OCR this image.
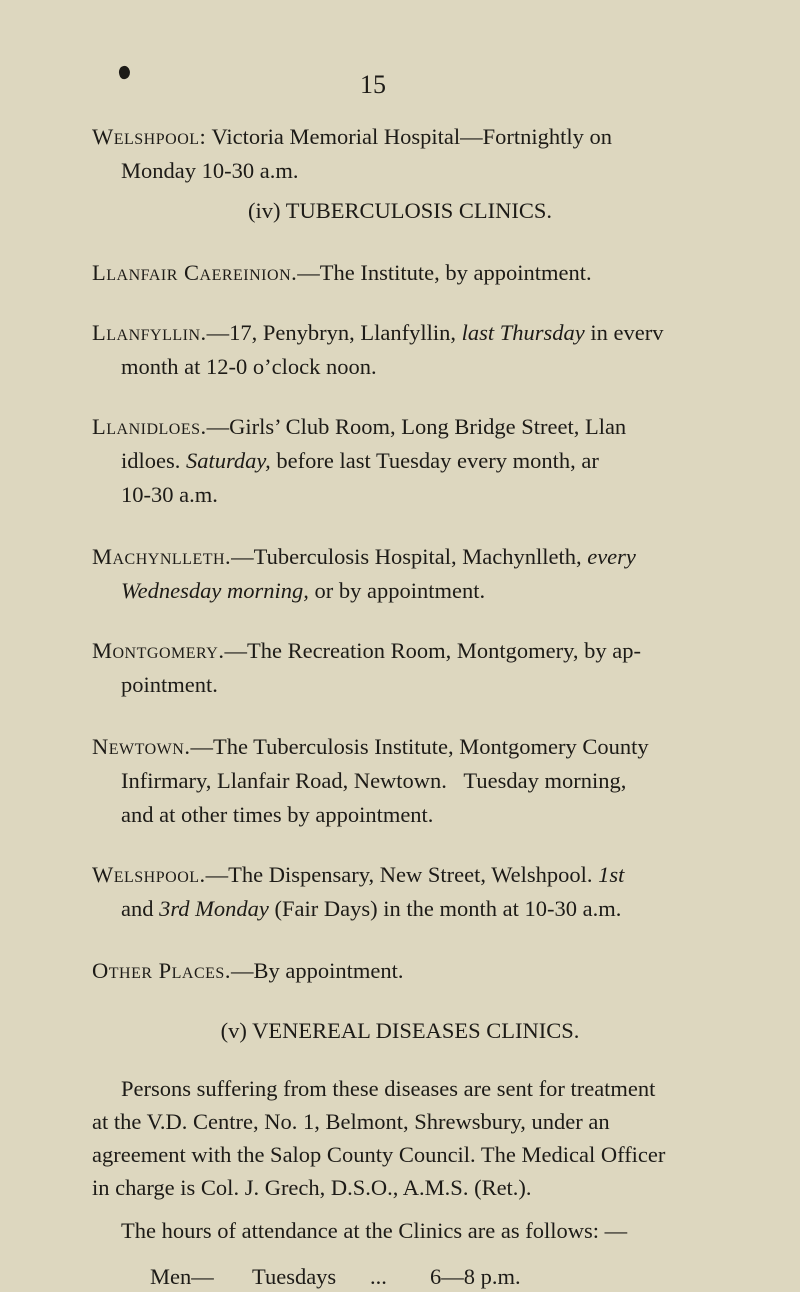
15

Welshpool: Victoria Memorial Hospital—Fortnightly on
Monday 10-30 a.m.

(iv) TUBERCULOSIS CLINICS.

Llanfair Caereinion.—The Institute, by appointment.

Llanfyllin.—17, Penybryn, Llanfyllin, last Thursday in everv
month at 12-0 o’clock noon.

Llanidloes.—Girls’ Club Room, Long Bridge Street, Llan
idloes. Saturday, before last Tuesday every month, ar
10-30 a.m.

Machynlleth.—Tuberculosis Hospital, Machynlleth, every
Wednesday morning, or by appointment.

Montgomery.—The Recreation Room, Montgomery, by ap-
pointment.

Newtown.—The Tuberculosis Institute, Montgomery County
Infirmary, Llanfair Road, Newtown.   Tuesday morning,
and at other times by appointment.

Welshpool.—The Dispensary, New Street, Welshpool. 1st
and 3rd Monday (Fair Days) in the month at 10-30 a.m.

Other Places.—By appointment.

(v) VENEREAL DISEASES CLINICS.

Persons suffering from these diseases are sent for treatment
at the V.D. Centre, No. 1, Belmont, Shrewsbury, under an
agreement with the Salop County Council. The Medical Officer
in charge is Col. J. Grech, D.S.O., A.M.S. (Ret.).

The hours of attendance at the Clinics are as follows: —

Men— Tuesdays ... 6—8 p.m.
